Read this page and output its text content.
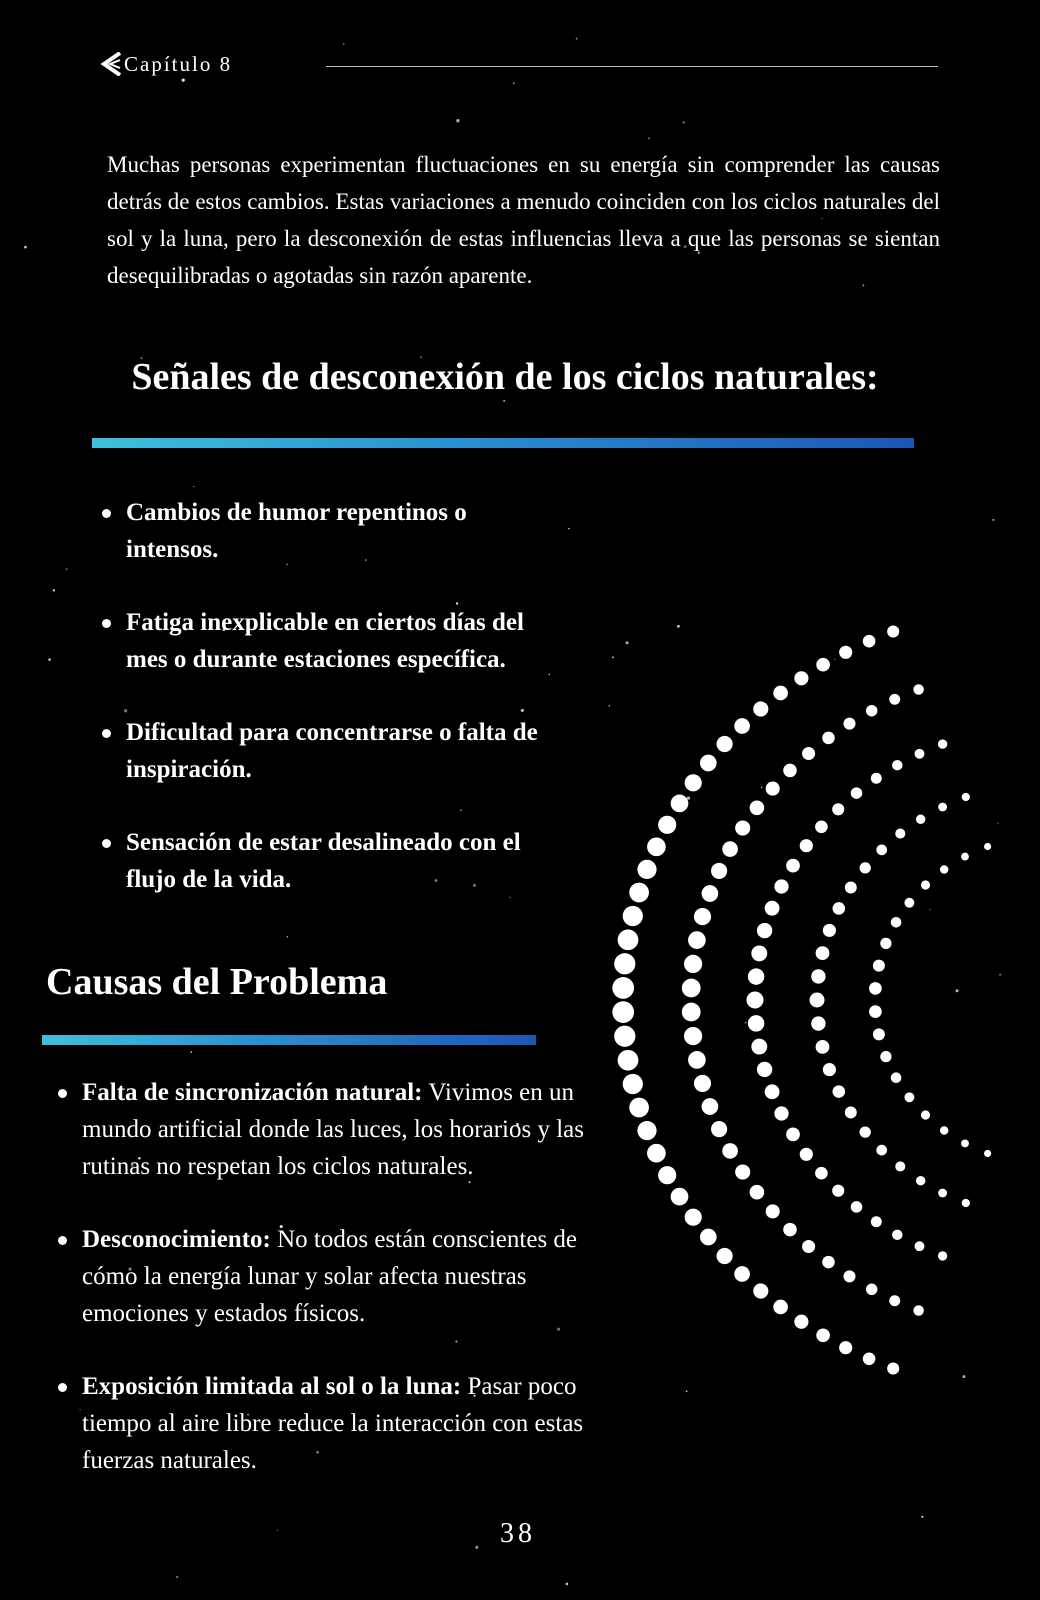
Capítulo 8

Muchas personas experimentan fluctuaciones en su energía sin comprender las causas detrás de estos cambios. Estas variaciones a menudo coinciden con los ciclos naturales del sol y la luna, pero la desconexión de estas influencias lleva a que las personas se sientan desequilibradas o agotadas sin razón aparente.

Señales de desconexión de los ciclos naturales:
Cambios de humor repentinos o intensos.
Fatiga inexplicable en ciertos días del mes o durante estaciones específica.
Dificultad para concentrarse o falta de inspiración.
Sensación de estar desalineado con el flujo de la vida.
Causas del Problema
Falta de sincronización natural: Vivimos en un mundo artificial donde las luces, los horarios y las rutinas no respetan los ciclos naturales.
Desconocimiento: No todos están conscientes de cómo la energía lunar y solar afecta nuestras emociones y estados físicos.
Exposición limitada al sol o la luna: Pasar poco tiempo al aire libre reduce la interacción con estas fuerzas naturales.
38
